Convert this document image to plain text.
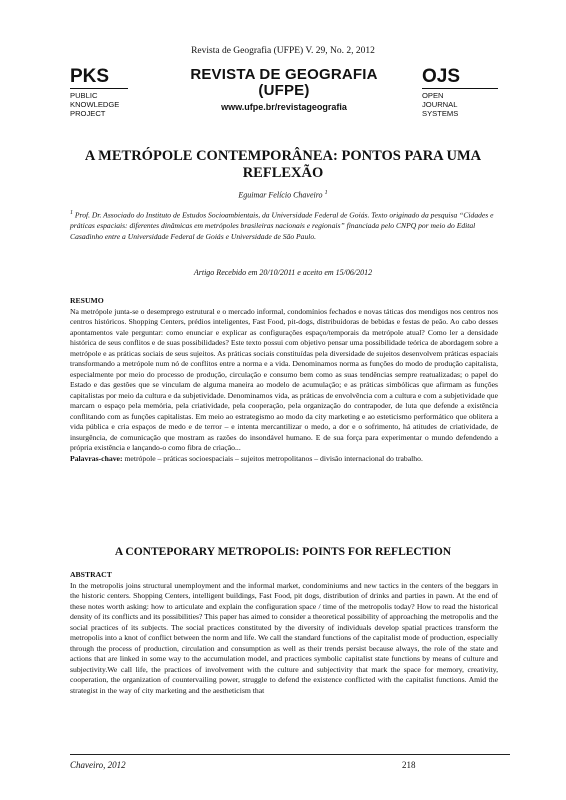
Revista de Geografia (UFPE) V. 29, No. 2, 2012
PKS
PUBLIC
KNOWLEDGE
PROJECT
REVISTA DE GEOGRAFIA
(UFPE)
www.ufpe.br/revistageografia
OJS
OPEN
JOURNAL
SYSTEMS
A METRÓPOLE CONTEMPORÂNEA: PONTOS PARA UMA
REFLEXÃO
Eguimar Felício Chaveiro $^1$
$^1$ Prof. Dr. Associado do Instituto de Estudos Socioambientais, da Universidade Federal de Goiás. Texto originado da pesquisa “Cidades e práticas espaciais: diferentes dinâmicas em metrópoles brasileiras nacionais e regionais” financiada pelo CNPQ por meio do Edital Casadinho entre a Universidade Federal de Goiás e Universidade de São Paulo.
Artigo Recebido em 20/10/2011 e aceito em 15/06/2012
RESUMO
Na metrópole junta-se o desemprego estrutural e o mercado informal, condomínios fechados e novas táticas dos mendigos nos centros nos centros históricos. Shopping Centers, prédios inteligentes, Fast Food, pit-dogs, distribuidoras de bebidas e festas de peão. Ao cabo desses apontamentos vale perguntar: como enunciar e explicar as configurações espaço/temporais da metrópole atual? Como ler a densidade histórica de seus conflitos e de suas possibilidades? Este texto possui com objetivo pensar uma possibilidade teórica de abordagem sobre a metrópole e as práticas sociais de seus sujeitos. As práticas sociais constituídas pela diversidade de sujeitos desenvolvem práticas espaciais transformando a metrópole num nó de conflitos entre a norma e a vida. Denominamos norma as funções do modo de produção capitalista, especialmente por meio do processo de produção, circulação e consumo bem como as suas tendências sempre reatualizadas; o papel do Estado e das gestões que se vinculam de alguma maneira ao modelo de acumulação; e as práticas simbólicas que afirmam as funções capitalistas por meio da cultura e da subjetividade. Denominamos vida, as práticas de envolvência com a cultura e com a subjetividade que marcam o espaço pela memória, pela criatividade, pela cooperação, pela organização do contrapoder, de luta que defende a existência conflitando com as funções capitalistas. Em meio ao estrategismo ao modo da city marketing e ao esteticismo performático que oblitera a vida pública e cria espaços de medo e de terror – e intenta mercantilizar o medo, a dor e o sofrimento, há atitudes de criatividade, de insurgência, de comunicação que mostram as razões do insondável humano. E de sua força para experimentar o mundo defendendo a própria existência e lançando-o como fibra de criação...
Palavras-chave: metrópole – práticas socioespaciais – sujeitos metropolitanos – divisão internacional do trabalho.
A CONTEPORARY METROPOLIS: POINTS FOR REFLECTION
ABSTRACT
In the metropolis joins structural unemployment and the informal market, condominiums and new tactics in the centers of the beggars in the historic centers. Shopping Centers, intelligent buildings, Fast Food, pit dogs, distribution of drinks and parties in pawn. At the end of these notes worth asking: how to articulate and explain the configuration space / time of the metropolis today? How to read the historical density of its conflicts and its possibilities? This paper has aimed to consider a theoretical possibility of approaching the metropolis and the social practices of its subjects. The social practices constituted by the diversity of individuals develop spatial practices transform the metropolis into a knot of conflict between the norm and life. We call the standard functions of the capitalist mode of production, especially through the process of production, circulation and consumption as well as their trends persist because always, the role of the state and actions that are linked in some way to the accumulation model, and practices symbolic capitalist state functions by means of culture and subjectivity.We call life, the practices of involvement with the culture and subjectivity that mark the space for memory, creativity, cooperation, the organization of countervailing power, struggle to defend the existence conflicted with the capitalist functions. Amid the strategist in the way of city marketing and the aestheticism that
Chaveiro, 2012	218
